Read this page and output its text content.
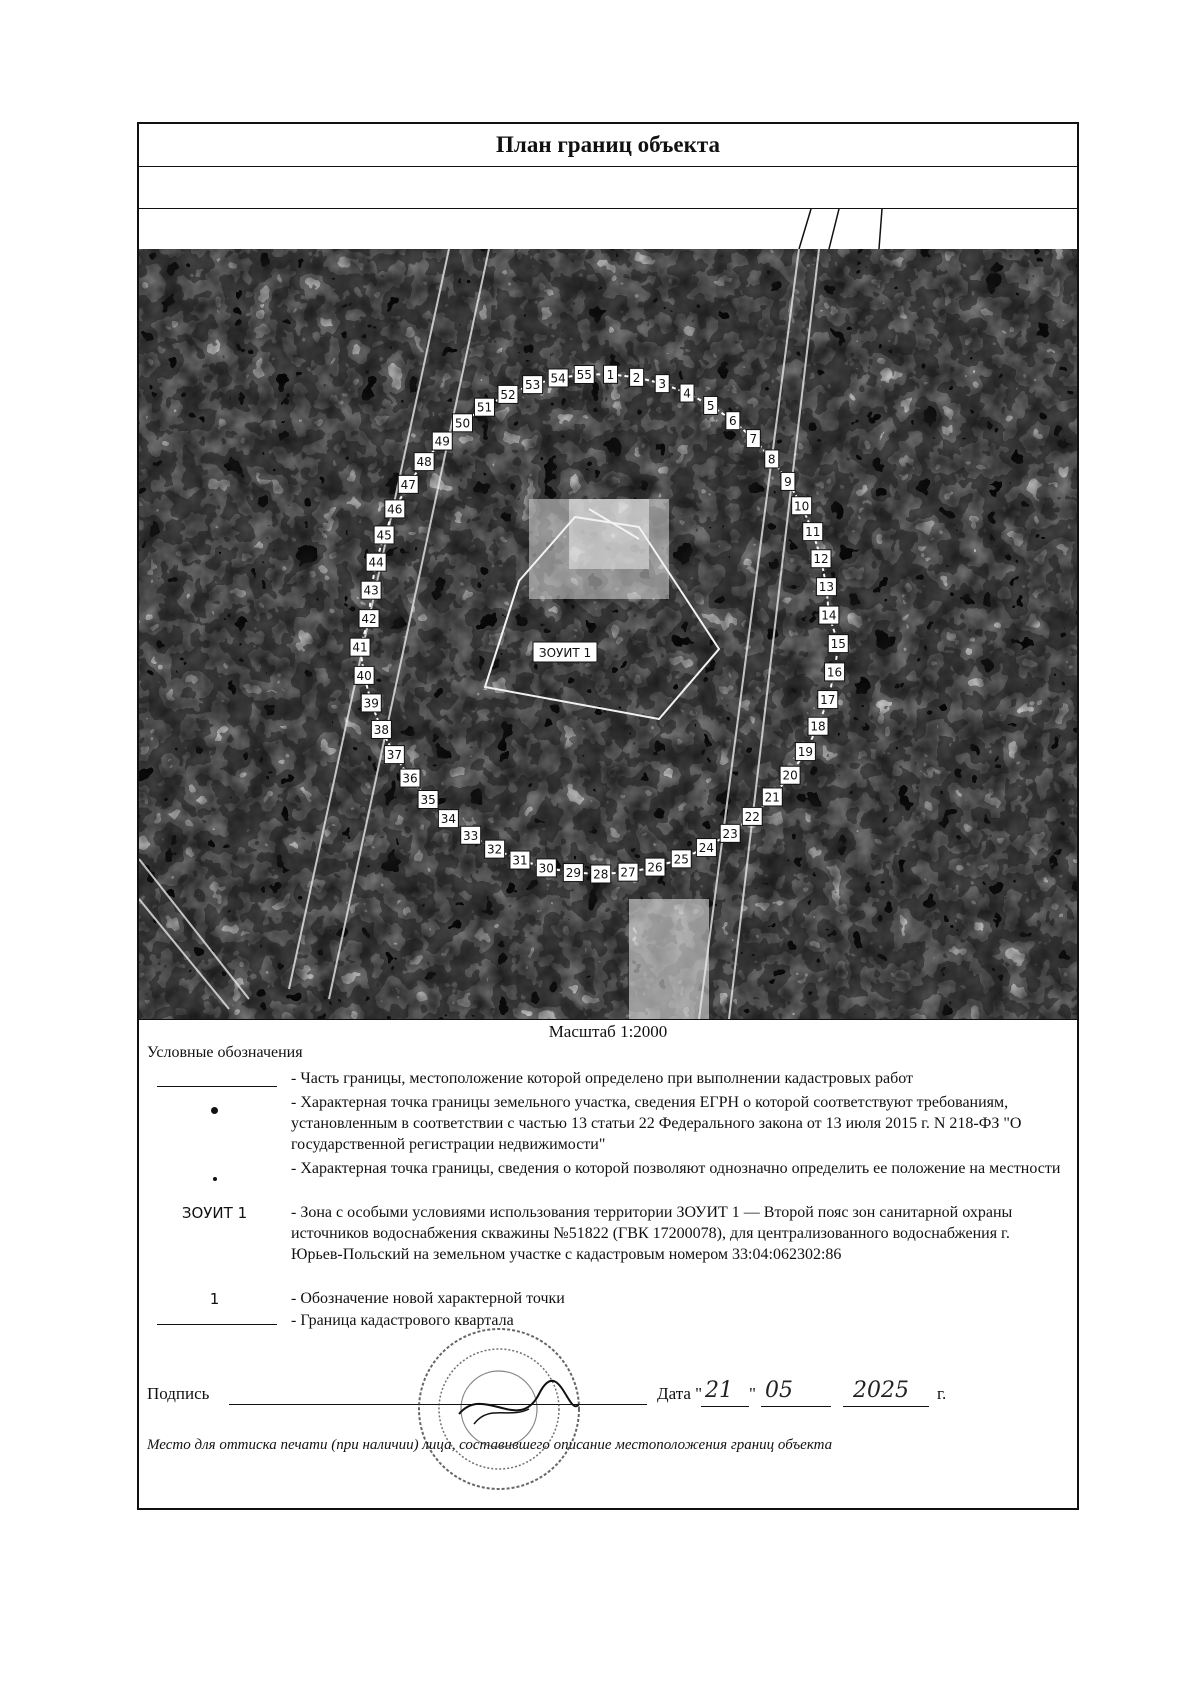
План границ объекта
1 2 3
4
5
6
7
8
9
10
11
12
13
14
15
16
17
18
19
20
21
22
23
24
25
26
27
28
29
30
31
32
33
34
35
36
37
38
39
40
41
42
43
44
45
46
47
48
49
50
51
52
53 54 55
ЗОУИТ 1
Масштаб 1:2000
Условные обозначения
- Часть границы, местоположение которой определено при выполнении кадастровых работ
- Характерная точка границы земельного участка, сведения ЕГРН о которой соответствуют требованиям, установленным в соответствии с частью 13 статьи 22 Федерального закона от 13 июля 2015 г. N 218-ФЗ "О государственной регистрации недвижимости"
- Характерная точка границы, сведения о которой позволяют однозначно определить ее положение на местности
ЗОУИТ 1	- Зона с особыми условиями использования территории ЗОУИТ 1 — Второй пояс зон санитарной охраны источников водоснабжения скважины №51822 (ГВК 17200078), для централизованного водоснабжения г. Юрьев-Польский на земельном участке с кадастровым номером 33:04:062302:86
1	- Обозначение новой характерной точки
- Граница кадастрового квартала
Подпись	Дата " 21 " 05	2025 г.
Место для оттиска печати (при наличии) лица, составившего описание местоположения границ объекта
